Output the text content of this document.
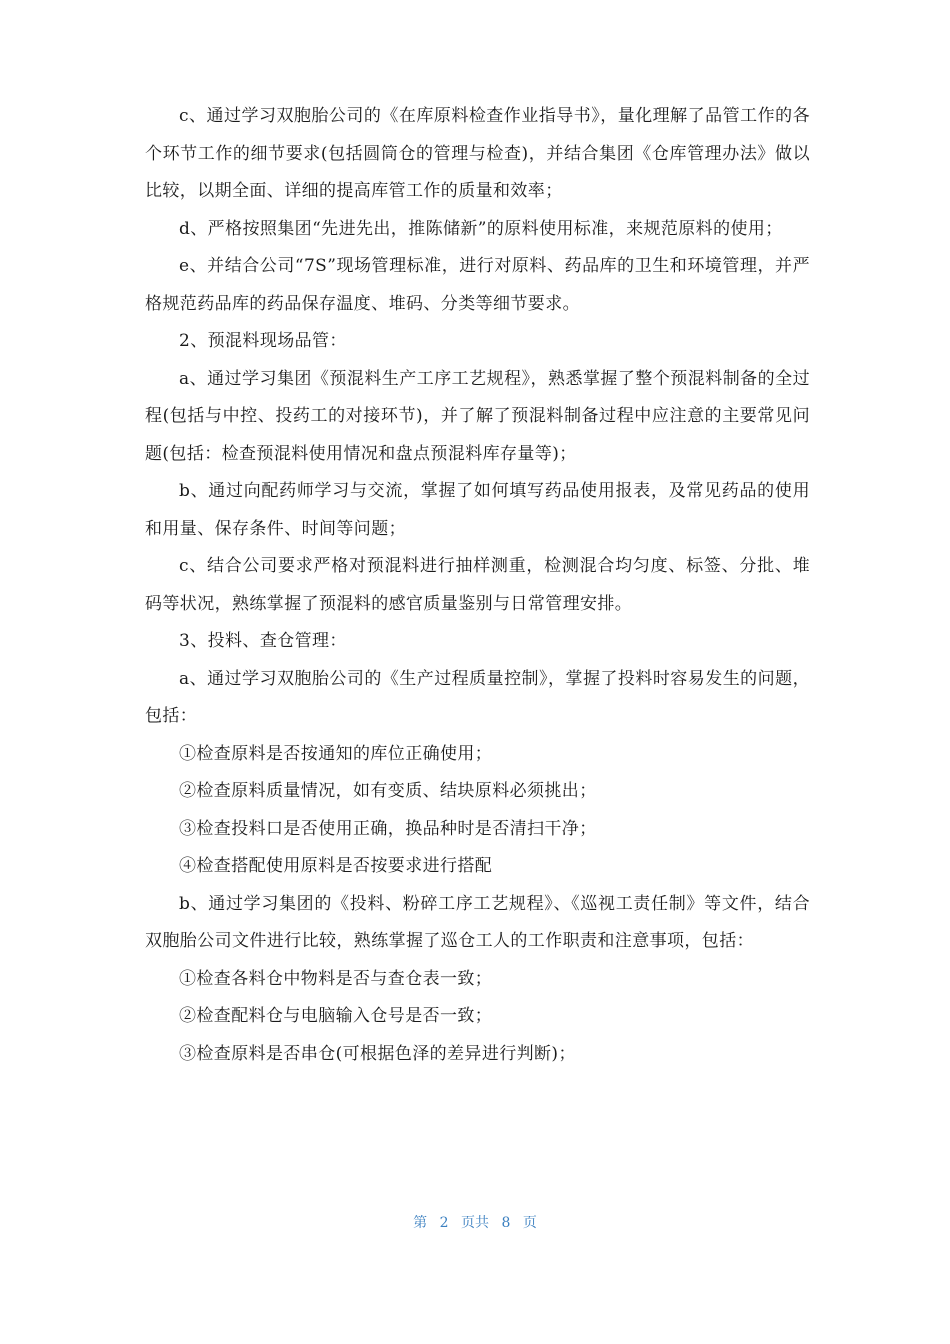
c、通过学习双胞胎公司的《在库原料检查作业指导书》，量化理解了品管工作的各个环节工作的细节要求(包括圆筒仓的管理与检查)，并结合集团《仓库管理办法》做以比较，以期全面、详细的提高库管工作的质量和效率；

d、严格按照集团“先进先出，推陈储新”的原料使用标准，来规范原料的使用；

e、并结合公司“7S”现场管理标准，进行对原料、药品库的卫生和环境管理，并严格规范药品库的药品保存温度、堆码、分类等细节要求。

2、预混料现场品管：

a、通过学习集团《预混料生产工序工艺规程》，熟悉掌握了整个预混料制备的全过程(包括与中控、投药工的对接环节)，并了解了预混料制备过程中应注意的主要常见问题(包括：检查预混料使用情况和盘点预混料库存量等)；

b、通过向配药师学习与交流，掌握了如何填写药品使用报表，及常见药品的使用和用量、保存条件、时间等问题；

c、结合公司要求严格对预混料进行抽样测重，检测混合均匀度、标签、分批、堆码等状况，熟练掌握了预混料的感官质量鉴别与日常管理安排。

3、投料、查仓管理：

a、通过学习双胞胎公司的《生产过程质量控制》，掌握了投料时容易发生的问题，包括：

①检查原料是否按通知的库位正确使用；

②检查原料质量情况，如有变质、结块原料必须挑出；

③检查投料口是否使用正确，换品种时是否清扫干净；

④检查搭配使用原料是否按要求进行搭配

b、通过学习集团的《投料、粉碎工序工艺规程》、《巡视工责任制》等文件，结合双胞胎公司文件进行比较，熟练掌握了巡仓工人的工作职责和注意事项，包括：

①检查各料仓中物料是否与查仓表一致；

②检查配料仓与电脑输入仓号是否一致；

③检查原料是否串仓(可根据色泽的差异进行判断)；

第 2 页共 8 页
